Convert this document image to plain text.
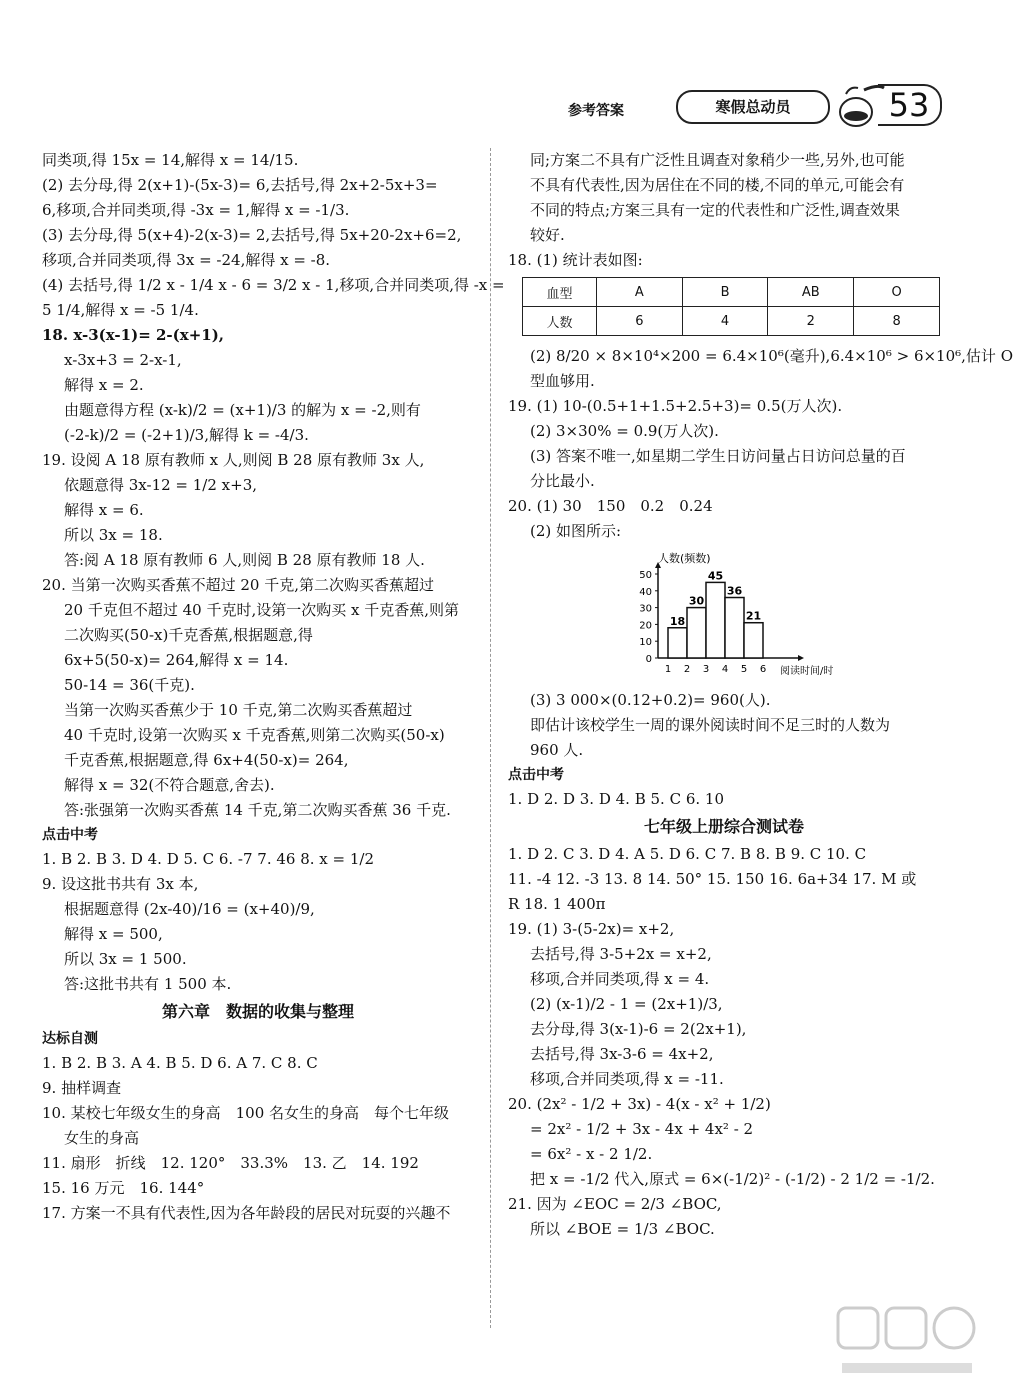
参考答案	寒假总动员	53
同类项,得 15x = 14,解得 x = 14/15.
(2) 去分母,得 2(x+1)-(5x-3)= 6,去括号,得 2x+2-5x+3=
6,移项,合并同类项,得 -3x = 1,解得 x = -1/3.
(3) 去分母,得 5(x+4)-2(x-3)= 2,去括号,得 5x+20-2x+6=2,
移项,合并同类项,得 3x = -24,解得 x = -8.
(4) 去括号,得 1/2 x - 1/4 x - 6 = 3/2 x - 1,移项,合并同类项,得 -x =
5 1/4,解得 x = -5 1/4.
18. x-3(x-1)= 2-(x+1),
x-3x+3 = 2-x-1,
解得 x = 2.
由题意得方程 (x-k)/2 = (x+1)/3 的解为 x = -2,则有
(-2-k)/2 = (-2+1)/3,解得 k = -4/3.
19. 设阅 A 18 原有教师 x 人,则阅 B 28 原有教师 3x 人,
依题意得 3x-12 = 1/2 x+3,
解得 x = 6.
所以 3x = 18.
答:阅 A 18 原有教师 6 人,则阅 B 28 原有教师 18 人.
20. 当第一次购买香蕉不超过 20 千克,第二次购买香蕉超过
20 千克但不超过 40 千克时,设第一次购买 x 千克香蕉,则第
二次购买(50-x)千克香蕉,根据题意,得
6x+5(50-x)= 264,解得 x = 14.
50-14 = 36(千克).
当第一次购买香蕉少于 10 千克,第二次购买香蕉超过
40 千克时,设第一次购买 x 千克香蕉,则第二次购买(50-x)
千克香蕉,根据题意,得 6x+4(50-x)= 264,
解得 x = 32(不符合题意,舍去).
答:张强第一次购买香蕉 14 千克,第二次购买香蕉 36 千克.
点击中考
1. B 2. B 3. D 4. D 5. C 6. -7 7. 46 8. x = 1/2
9. 设这批书共有 3x 本,
根据题意得 (2x-40)/16 = (x+40)/9,
解得 x = 500,
所以 3x = 1 500.
答:这批书共有 1 500 本.
第六章　数据的收集与整理
达标自测
1. B 2. B 3. A 4. B 5. D 6. A 7. C 8. C
9. 抽样调查
10. 某校七年级女生的身高　100 名女生的身高　每个七年级
女生的身高
11. 扇形　折线　12. 120°　33.3%　13. 乙　14. 192
15. 16 万元　16. 144°
17. 方案一不具有代表性,因为各年龄段的居民对玩耍的兴趣不
同;方案二不具有广泛性且调查对象稍少一些,另外,也可能
不具有代表性,因为居住在不同的楼,不同的单元,可能会有
不同的特点;方案三具有一定的代表性和广泛性,调查效果
较好.
18. (1) 统计表如图:
血型	A	B	AB	O
人数	6	4	2	8
(2) 8/20 × 8×10⁴×200 = 6.4×10⁶(毫升),6.4×10⁶ > 6×10⁶,估计 O
型血够用.
19. (1) 10-(0.5+1+1.5+2.5+3)= 0.5(万人次).
(2) 3×30% = 0.9(万人次).
(3) 答案不唯一,如星期二学生日访问量占日访问总量的百
分比最小.
20. (1) 30　150　0.2　0.24
(2) 如图所示:
人数(频数)
阅读时间/时
0
10
20
30
40
50
1 2 3 4 5 6
18
30
45
36
21
(3) 3 000×(0.12+0.2)= 960(人).
即估计该校学生一周的课外阅读时间不足三时的人数为
960 人.
点击中考
1. D 2. D 3. D 4. B 5. C 6. 10
七年级上册综合测试卷
1. D 2. C 3. D 4. A 5. D 6. C 7. B 8. B 9. C 10. C
11. -4 12. -3 13. 8 14. 50° 15. 150 16. 6a+34 17. M 或
R 18. 1 400π
19. (1) 3-(5-2x)= x+2,
去括号,得 3-5+2x = x+2,
移项,合并同类项,得 x = 4.
(2) (x-1)/2 - 1 = (2x+1)/3,
去分母,得 3(x-1)-6 = 2(2x+1),
去括号,得 3x-3-6 = 4x+2,
移项,合并同类项,得 x = -11.
20. (2x² - 1/2 + 3x) - 4(x - x² + 1/2)
= 2x² - 1/2 + 3x - 4x + 4x² - 2
= 6x² - x - 2 1/2.
把 x = -1/2 代入,原式 = 6×(-1/2)² - (-1/2) - 2 1/2 = -1/2.
21. 因为 ∠EOC = 2/3 ∠BOC,
所以 ∠BOE = 1/3 ∠BOC.
